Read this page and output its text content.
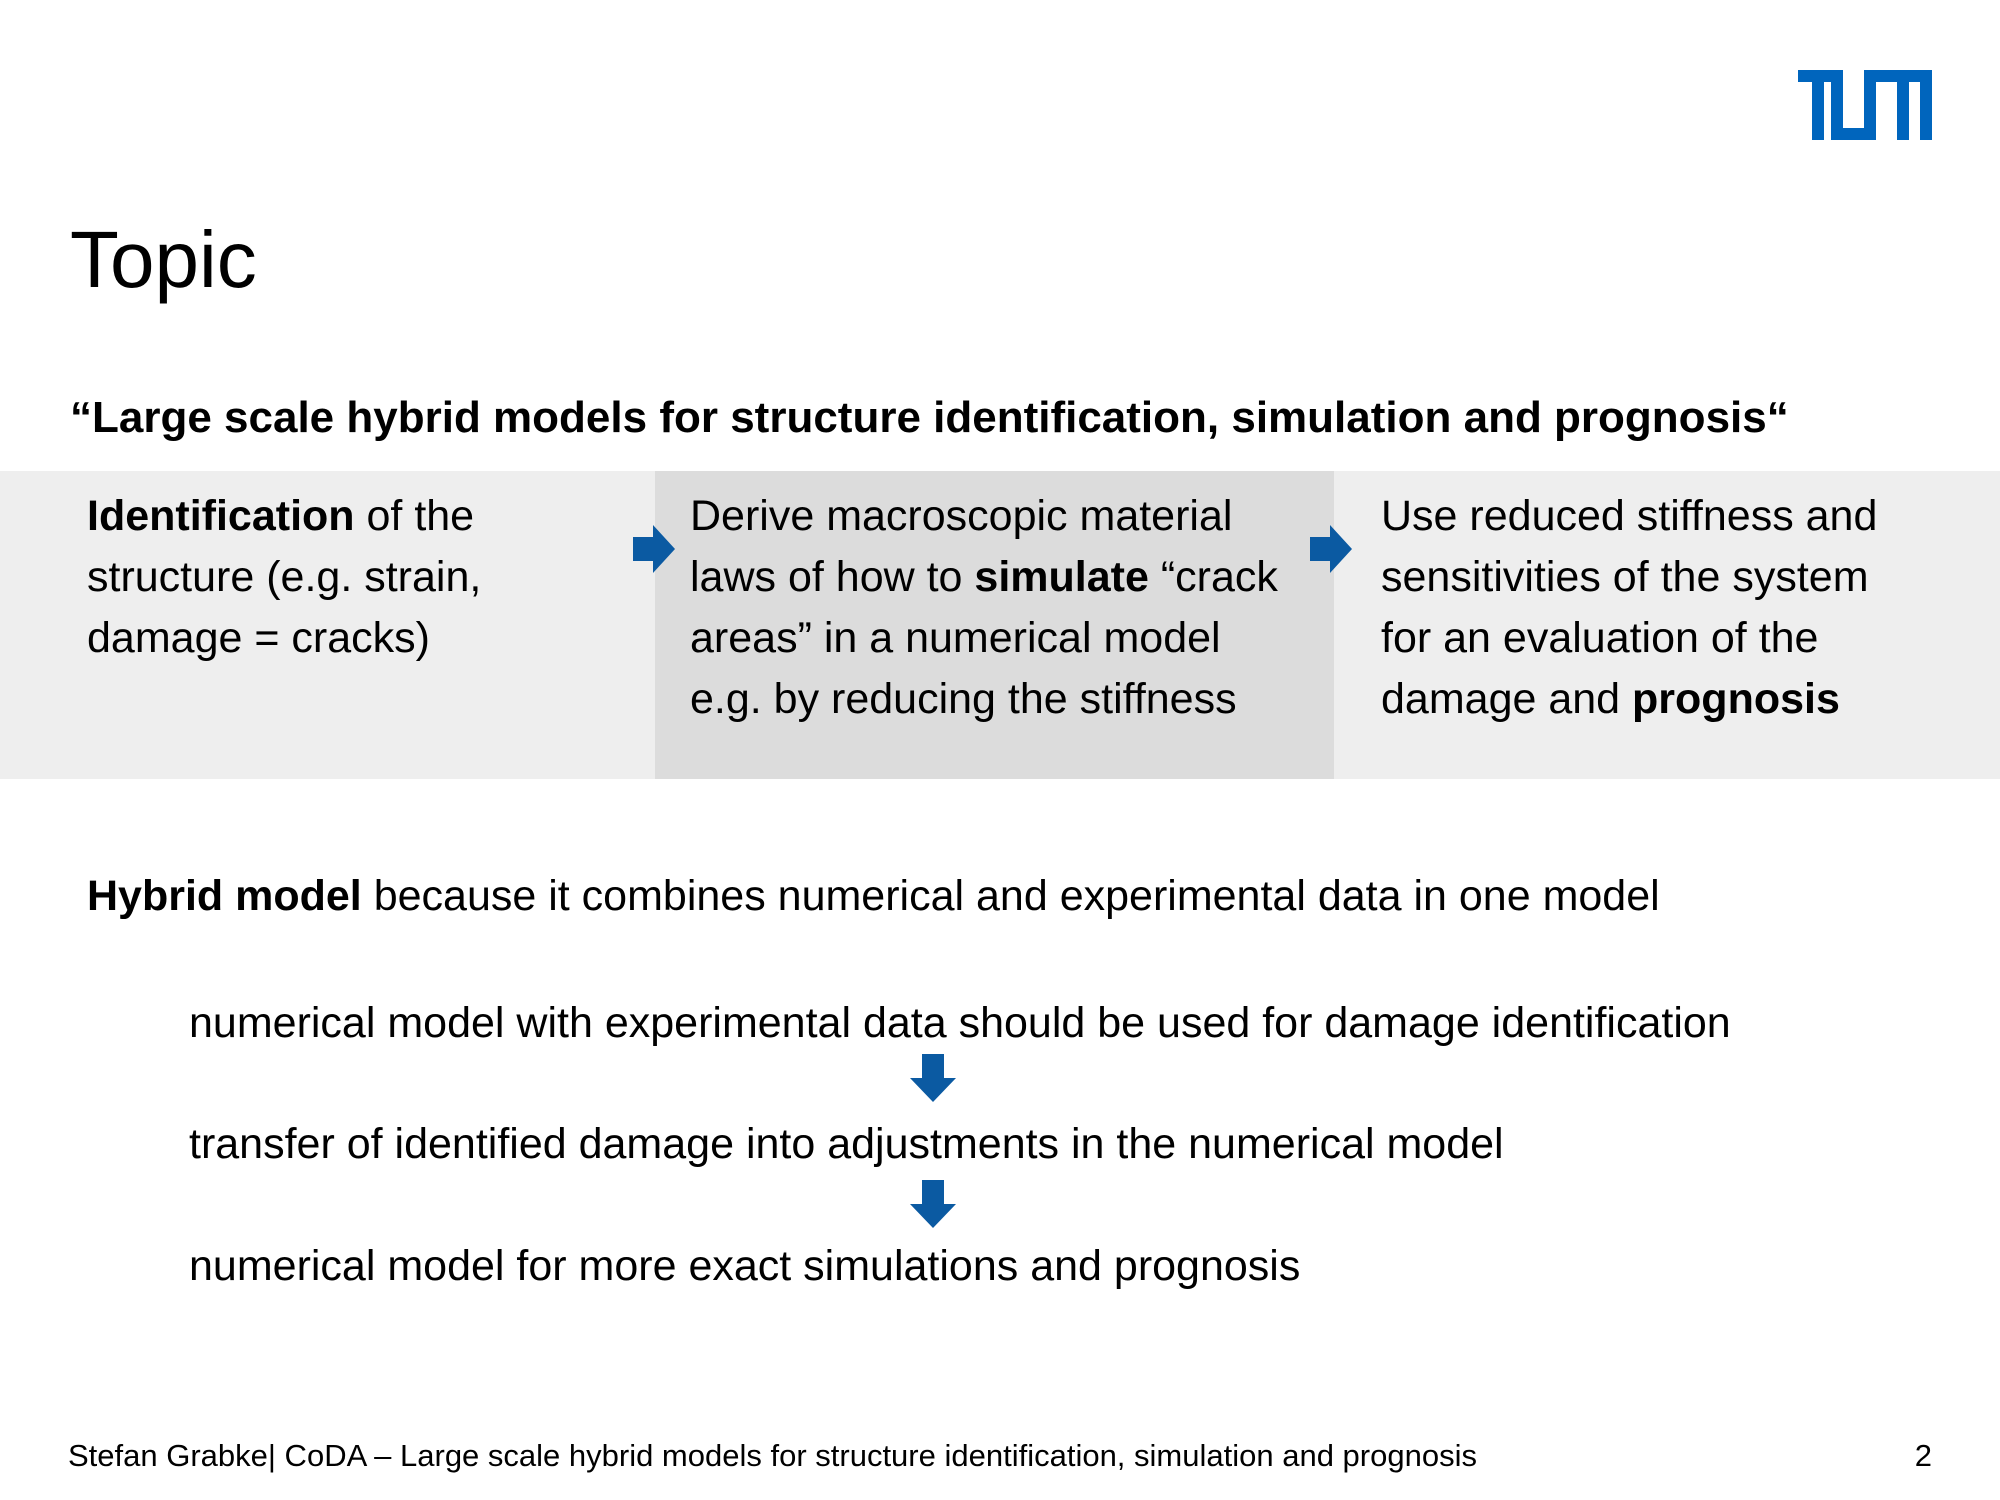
Topic

“Large scale hybrid models for structure identification, simulation and prognosis“

Identification of the
structure (e.g. strain,
damage = cracks)

Derive macroscopic material
laws of how to simulate “crack
areas” in a numerical model
e.g. by reducing the stiffness

Use reduced stiffness and
sensitivities of the system
for an evaluation of the
damage and prognosis

Hybrid model because it combines numerical and experimental data in one model

numerical model with experimental data should be used for damage identification

transfer of identified damage into adjustments in the numerical model

numerical model for more exact simulations and prognosis

Stefan Grabke| CoDA – Large scale hybrid models for structure identification, simulation and prognosis	2
